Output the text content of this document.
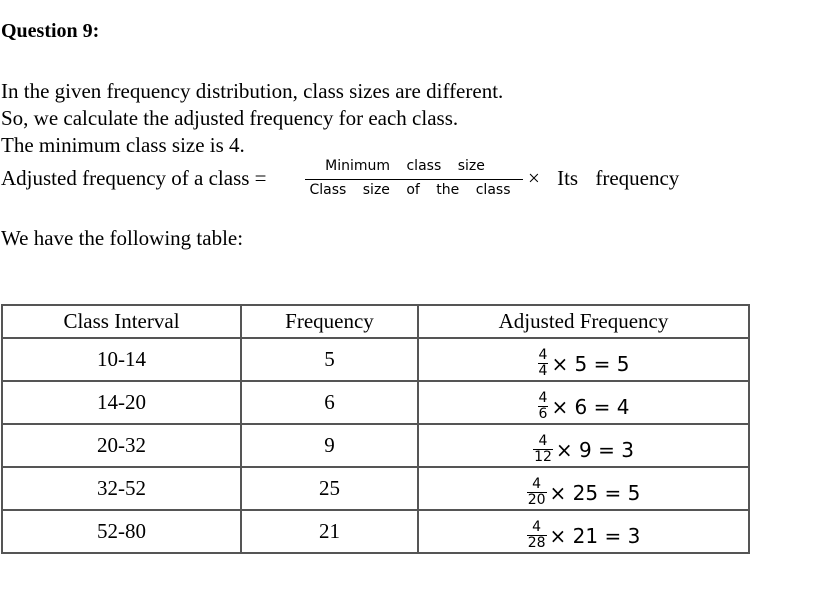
Question 9:
In the given frequency distribution, class sizes are different.
So, we calculate the adjusted frequency for each class.
The minimum class size is 4.
Adjusted frequency of a class =	Minimum class size
Class size of the class × Its frequency
We have the following table:
Class Interval	Frequency	Adjusted Frequency
10-14	5	$\frac{4}{4} \times 5 = 5$

14-20	6	$\frac{4}{6} \times 6 = 4$

20-32	9	$\frac{4}{12} \times 9 = 3$

32-52	25	$\frac{4}{20} \times 25 = 5$

52-80	21	$\frac{4}{28} \times 21 = 3$
